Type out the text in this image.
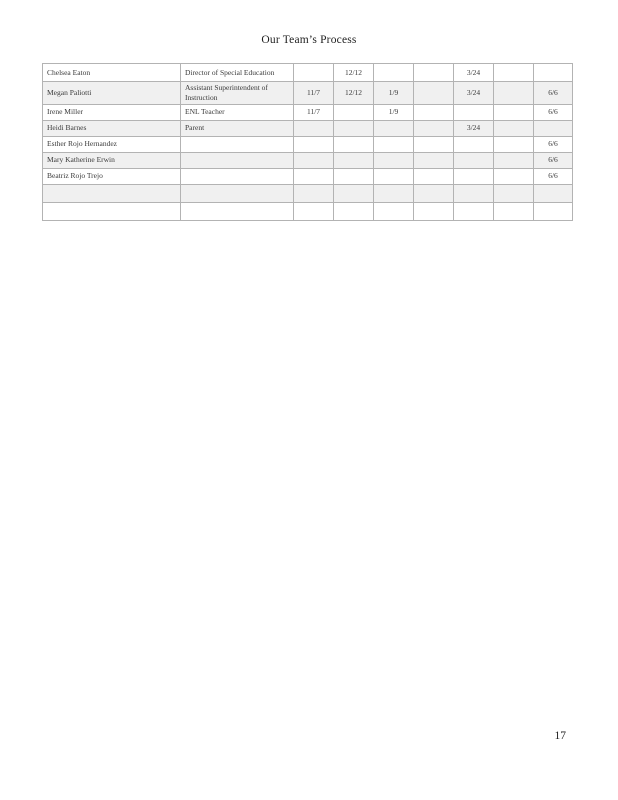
Our Team’s Process
Chelsea Eaton	Director of Special Education		12/12			3/24		
Megan Paliotti	Assistant Superintendent of Instruction	11/7	12/12	1/9		3/24		6/6
Irene Miller	ENL Teacher	11/7		1/9				6/6
Heidi Barnes	Parent					3/24		
Esther Rojo Hernandez								6/6
Mary Katherine Erwin								6/6
Beatriz Rojo Trejo								6/6

17
